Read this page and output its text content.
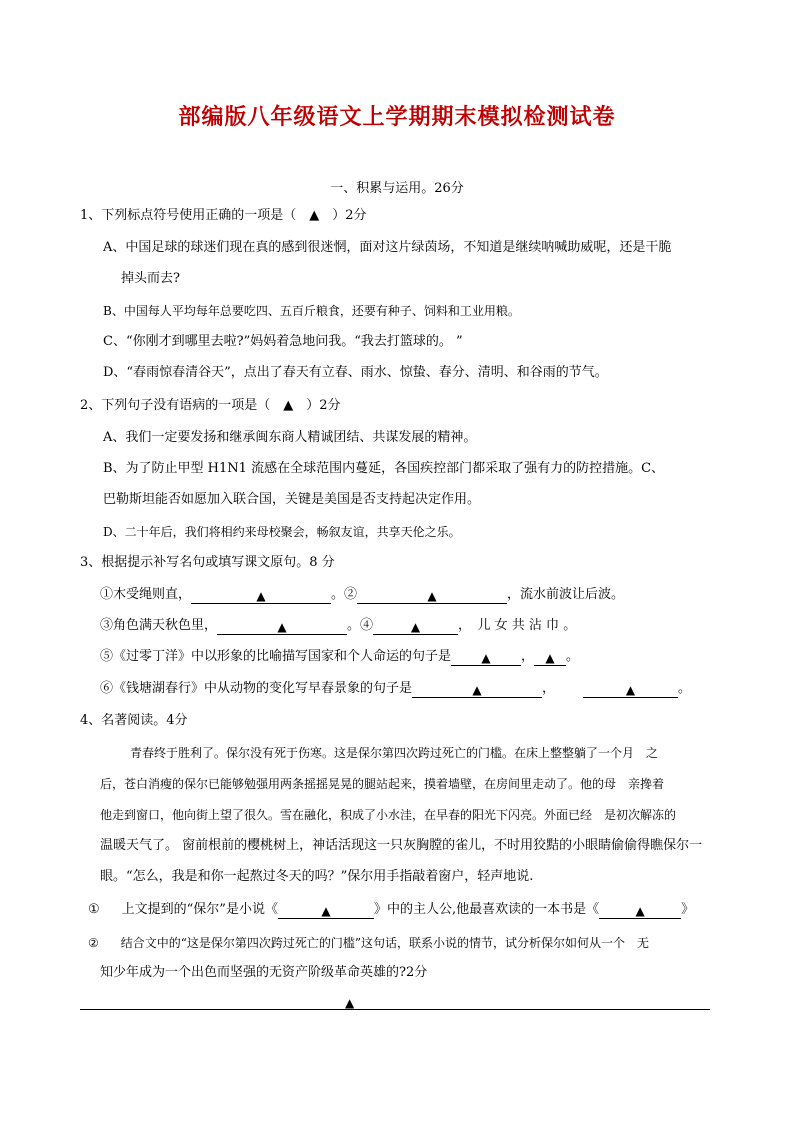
部编版八年级语文上学期期末模拟检测试卷
一、积累与运用。26分
1、下列标点符号使用正确的一项是（　▲　）2分
A、中国足球的球迷们现在真的感到很迷惘，面对这片绿茵场，不知道是继续呐喊助威呢，还是干脆
掉头而去?
B、中国每人平均每年总要吃四、五百斤粮食，还要有种子、饲料和工业用粮。
C、“你刚才到哪里去啦?”妈妈着急地问我。“我去打篮球的。 ”
D、“春雨惊春清谷天”，点出了春天有立春、雨水、惊蛰、春分、清明、和谷雨的节气。
2、下列句子没有语病的一项是（　▲　）2分
A、我们一定要发扬和继承闽东商人精诚团结、共谋发展的精神。
B、为了防止甲型 H1N1 流感在全球范围内蔓延，各国疾控部门都采取了强有力的防控措施。C、
巴勒斯坦能否如愿加入联合国，关键是美国是否支持起决定作用。
D、二十年后，我们将相约来母校聚会，畅叙友谊，共享天伦之乐。
3、根据提示补写名句或填写课文原句。8 分
①木受绳则直，	▲	。②	▲	，流水前波让后波。
③角色满天秋色里，	▲	。④	▲	，　儿 女 共 沾 巾 。
⑤《过零丁洋》中以形象的比喻描写国家和个人命运的句子是	▲ ， ▲ 。
⑥《钱塘湖春行》中从动物的变化写早春景象的句子是	▲	，	▲	。
4、名著阅读。4分
青春终于胜利了。保尔没有死于伤寒。这是保尔第四次跨过死亡的门槛。在床上整整躺了一个月　之
后，苍白消瘦的保尔已能够勉强用两条摇摇晃晃的腿站起来，摸着墙壁，在房间里走动了。他的母　亲搀着
他走到窗口，他向街上望了很久。雪在融化，积成了小水洼，在早春的阳光下闪亮。外面已经　是初次解冻的
温暖天气了。 窗前根前的樱桃树上，神话活现这一只灰胸膛的雀儿，不时用狡黠的小眼睛偷偷得瞧保尔一
眼。“怎么，我是和你一起熬过冬天的吗？”保尔用手指敲着窗户，轻声地说.
① 上文提到的“保尔”是小说《	▲	》中的主人公,他最喜欢读的一本书是《	▲	》
② 结合文中的“这是保尔第四次跨过死亡的门槛”这句话，联系小说的情节，试分析保尔如何从一个　无
知少年成为一个出色而坚强的无资产阶级革命英雄的?2分
▲
